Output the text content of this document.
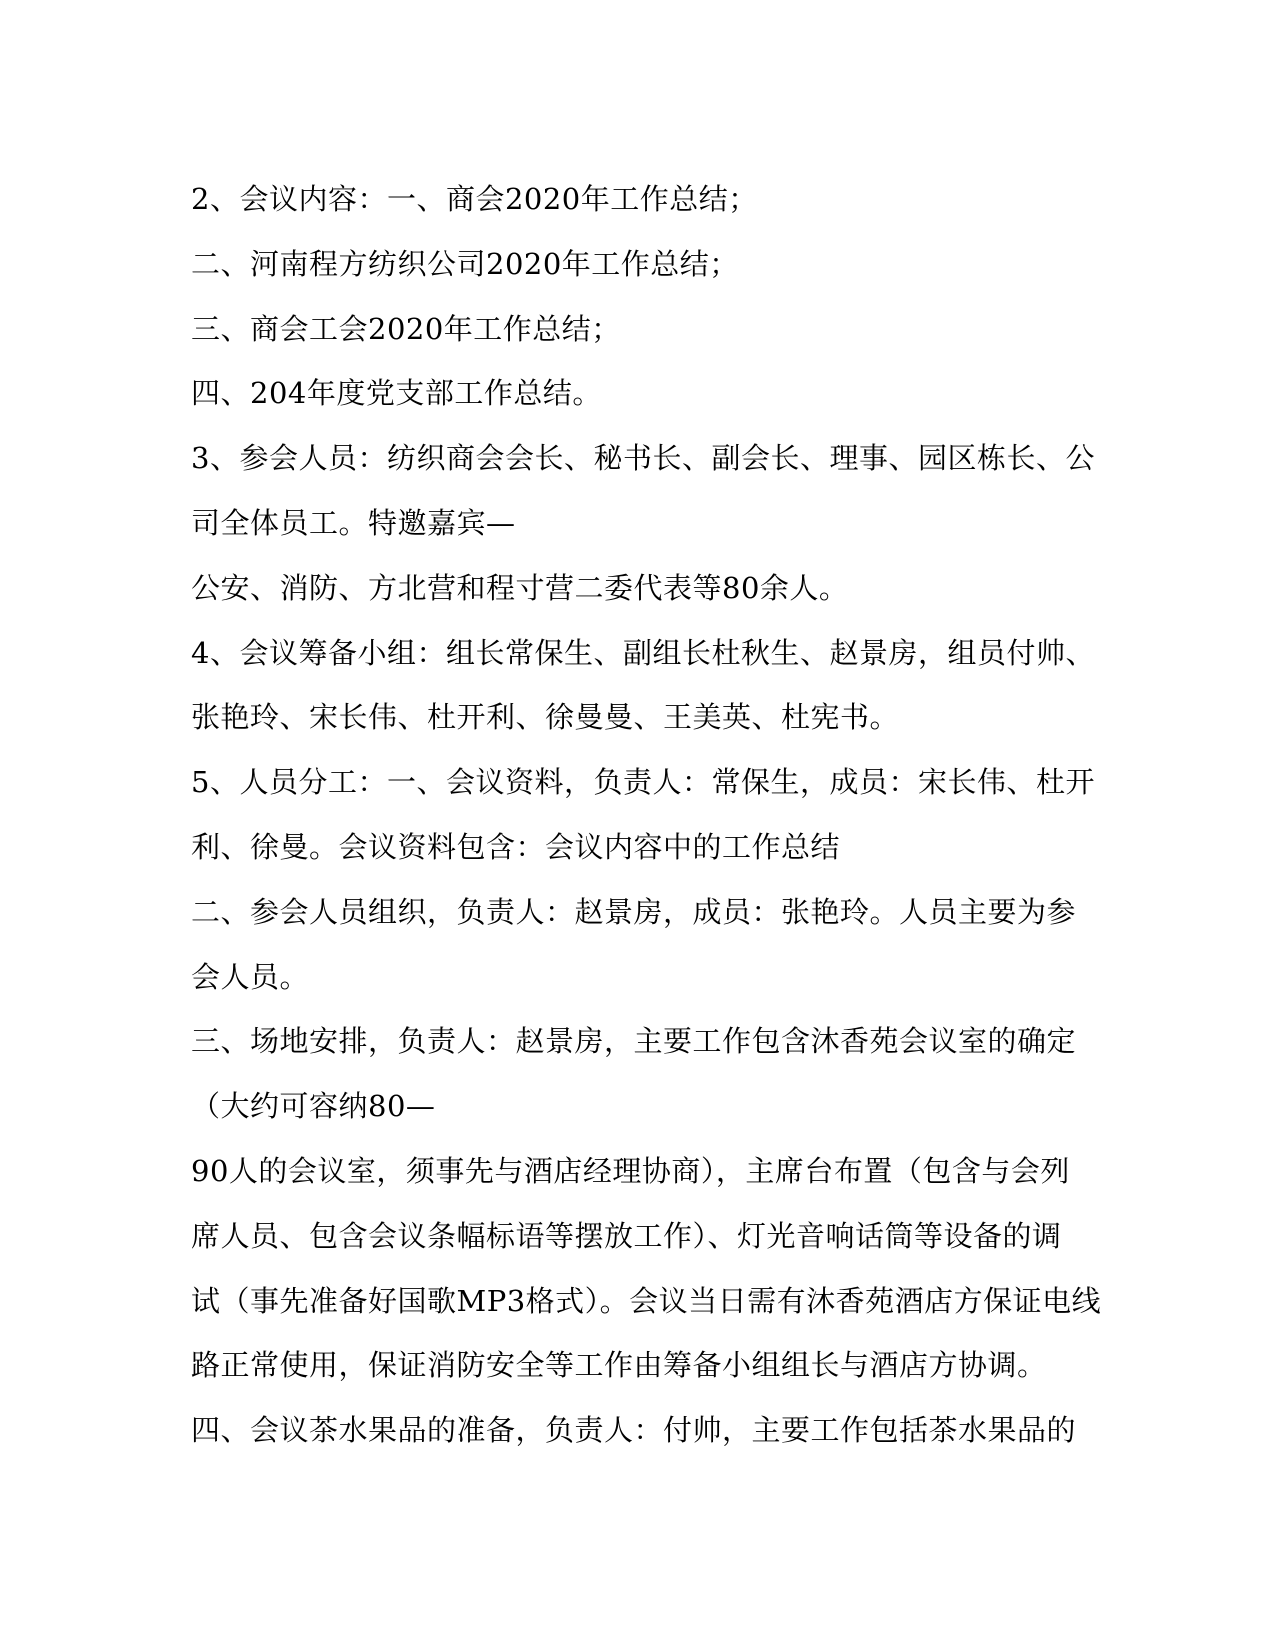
2、会议内容：一、商会2020年工作总结；

二、河南程方纺织公司2020年工作总结；

三、商会工会2020年工作总结；

四、204年度党支部工作总结。

3、参会人员：纺织商会会长、秘书长、副会长、理事、园区栋长、公

司全体员工。特邀嘉宾—

公安、消防、方北营和程寸营二委代表等80余人。

4、会议筹备小组：组长常保生、副组长杜秋生、赵景房，组员付帅、

张艳玲、宋长伟、杜开利、徐曼曼、王美英、杜宪书。

5、人员分工：一、会议资料，负责人：常保生，成员：宋长伟、杜开

利、徐曼。会议资料包含：会议内容中的工作总结

二、参会人员组织，负责人：赵景房，成员：张艳玲。人员主要为参

会人员。

三、场地安排，负责人：赵景房，主要工作包含沐香苑会议室的确定

（大约可容纳80—

90人的会议室，须事先与酒店经理协商），主席台布置（包含与会列

席人员、包含会议条幅标语等摆放工作）、灯光音响话筒等设备的调

试（事先准备好国歌MP3格式）。会议当日需有沐香苑酒店方保证电线

路正常使用，保证消防安全等工作由筹备小组组长与酒店方协调。

四、会议茶水果品的准备，负责人：付帅，主要工作包括茶水果品的
